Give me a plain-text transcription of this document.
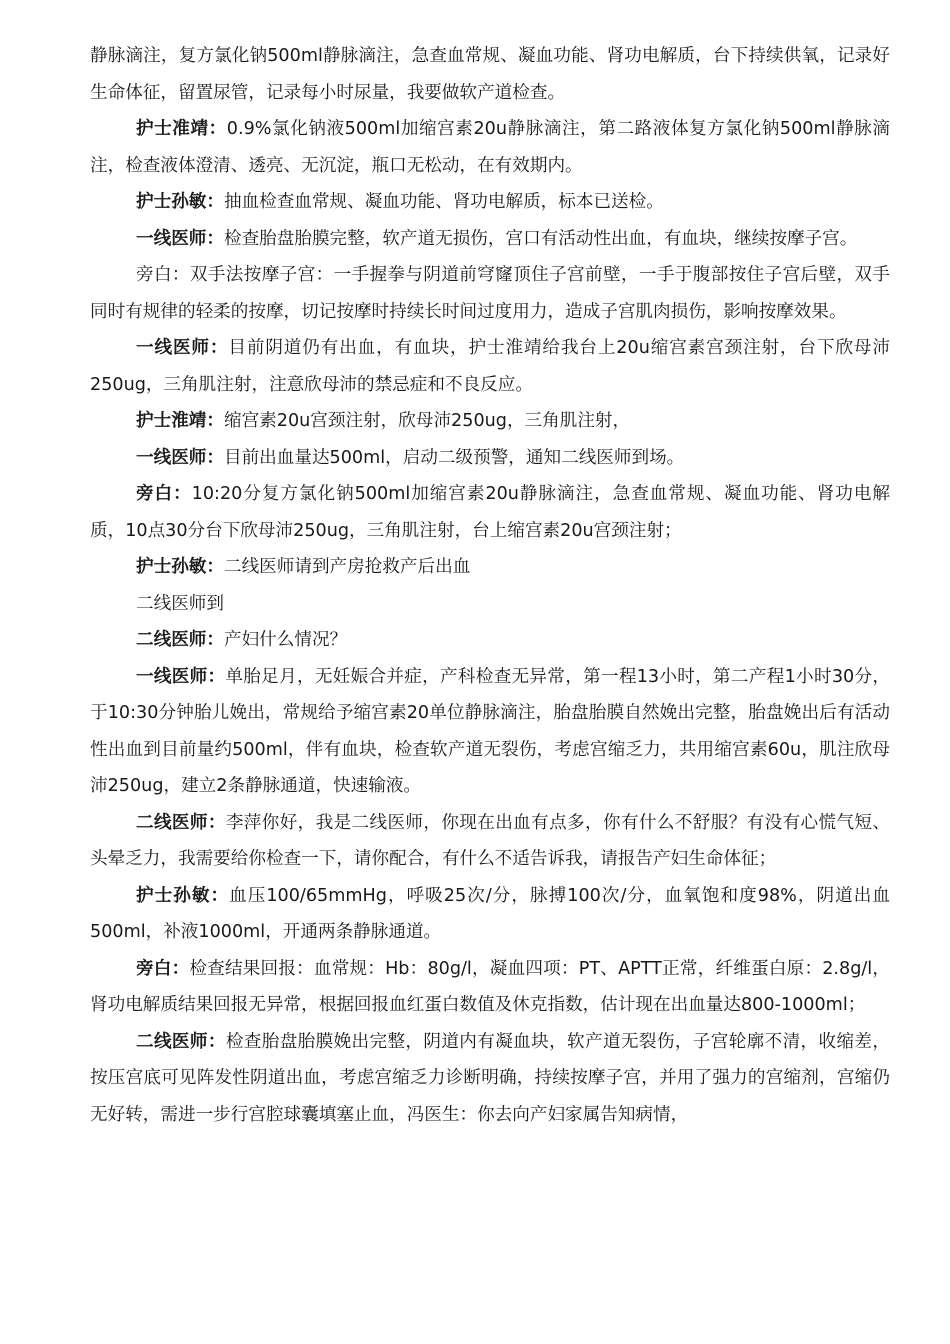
静脉滴注，复方氯化钠500ml静脉滴注，急查血常规、凝血功能、肾功电解质，台下持续供氧，记录好生命体征，留置尿管，记录每小时尿量，我要做软产道检查。

护士准靖：0.9%氯化钠液500ml加缩宫素20u静脉滴注，第二路液体复方氯化钠500ml静脉滴注，检查液体澄清、透亮、无沉淀，瓶口无松动，在有效期内。

护士孙敏：抽血检查血常规、凝血功能、肾功电解质，标本已送检。

一线医师：检查胎盘胎膜完整，软产道无损伤，宫口有活动性出血，有血块，继续按摩子宫。

旁白：双手法按摩子宫：一手握拳与阴道前穹窿顶住子宫前壁，一手于腹部按住子宫后壁，双手同时有规律的轻柔的按摩，切记按摩时持续长时间过度用力，造成子宫肌肉损伤，影响按摩效果。

一线医师：目前阴道仍有出血，有血块，护士淮靖给我台上20u缩宫素宫颈注射，台下欣母沛250ug，三角肌注射，注意欣母沛的禁忌症和不良反应。

护士淮靖：缩宫素20u宫颈注射，欣母沛250ug，三角肌注射，

一线医师：目前出血量达500ml，启动二级预警，通知二线医师到场。

旁白：10:20分复方氯化钠500ml加缩宫素20u静脉滴注，急查血常规、凝血功能、肾功电解质，10点30分台下欣母沛250ug，三角肌注射，台上缩宫素20u宫颈注射；

护士孙敏：二线医师请到产房抢救产后出血

二线医师到

二线医师：产妇什么情况？

一线医师：单胎足月，无妊娠合并症，产科检查无异常，第一程13小时，第二产程1小时30分，于10:30分钟胎儿娩出，常规给予缩宫素20单位静脉滴注，胎盘胎膜自然娩出完整，胎盘娩出后有活动性出血到目前量约500ml，伴有血块，检查软产道无裂伤，考虑宫缩乏力，共用缩宫素60u，肌注欣母沛250ug，建立2条静脉通道，快速输液。

二线医师：李萍你好，我是二线医师，你现在出血有点多，你有什么不舒服？有没有心慌气短、头晕乏力，我需要给你检查一下，请你配合，有什么不适告诉我，请报告产妇生命体征；

护士孙敏：血压100/65mmHg，呼吸25次/分，脉搏100次/分，血氧饱和度98%，阴道出血500ml，补液1000ml，开通两条静脉通道。

旁白：检查结果回报：血常规：Hb：80g/l，凝血四项：PT、APTT正常，纤维蛋白原：2.8g/l，肾功电解质结果回报无异常，根据回报血红蛋白数值及休克指数，估计现在出血量达800-1000ml；

二线医师：检查胎盘胎膜娩出完整，阴道内有凝血块，软产道无裂伤，子宫轮廓不清，收缩差，按压宫底可见阵发性阴道出血，考虑宫缩乏力诊断明确，持续按摩子宫，并用了强力的宫缩剂，宫缩仍无好转，需进一步行宫腔球囊填塞止血，冯医生：你去向产妇家属告知病情，
